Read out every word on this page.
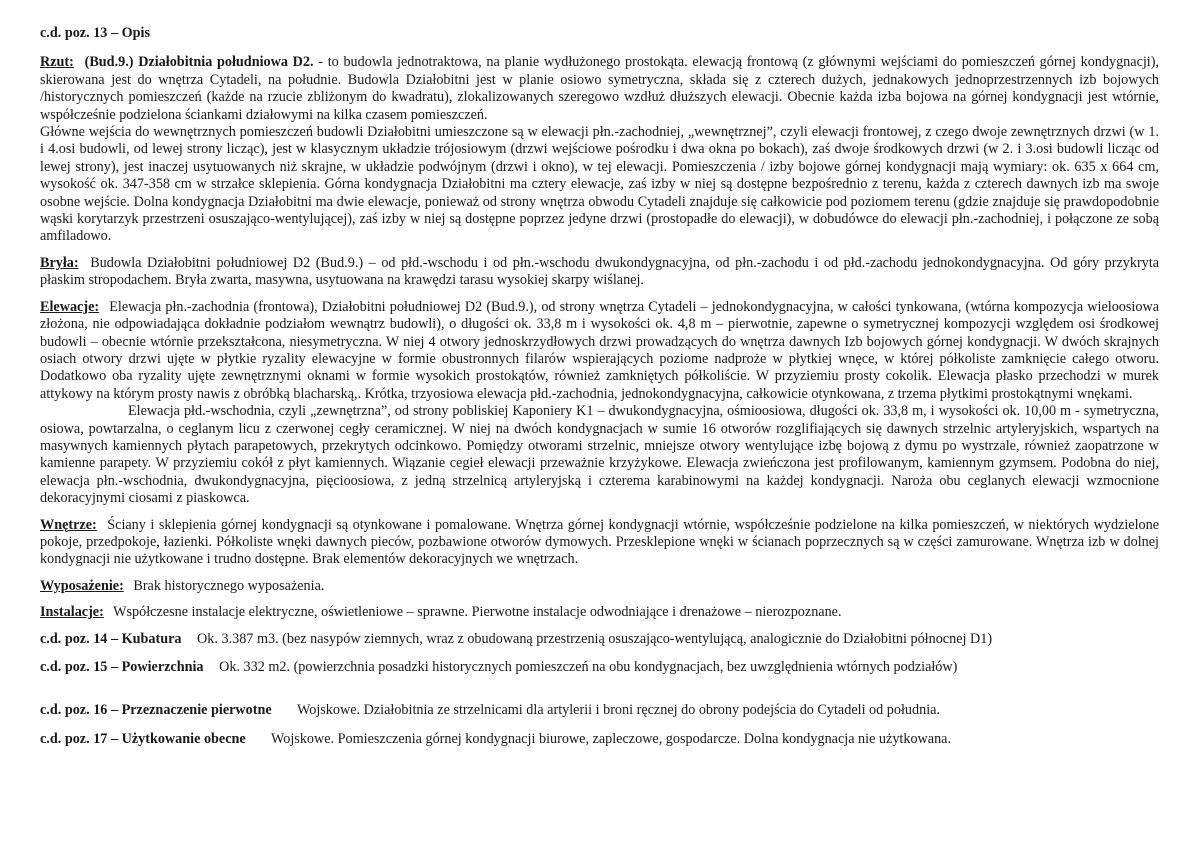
c.d. poz. 13 – Opis

Rzut: (Bud.9.) Działobitnia południowa D2. - to budowla jednotraktowa, na planie wydłużonego prostokąta. elewacją frontową (z głównymi wejściami do pomieszczeń górnej kondygnacji), skierowana jest do wnętrza Cytadeli, na południe. Budowla Działobitni jest w planie osiowo symetryczna, składa się z czterech dużych, jednakowych jednoprzestrzennych izb bojowych /historycznych pomieszczeń (każde na rzucie zbliżonym do kwadratu), zlokalizowanych szeregowo wzdłuż dłuższych elewacji. Obecnie każda izba bojowa na górnej kondygnacji jest wtórnie, współcześnie podzielona ściankami działowymi na kilka czasem pomieszczeń.

Główne wejścia do wewnętrznych pomieszczeń budowli Działobitni umieszczone są w elewacji płn.-zachodniej, „wewnętrznej”, czyli elewacji frontowej, z czego dwoje zewnętrznych drzwi (w 1. i 4.osi budowli, od lewej strony licząc), jest w klasycznym układzie trójosiowym (drzwi wejściowe pośrodku i dwa okna po bokach), zaś dwoje środkowych drzwi (w 2. i 3.osi budowli licząc od lewej strony), jest inaczej usytuowanych niż skrajne, w układzie podwójnym (drzwi i okno), w tej elewacji. Pomieszczenia / izby bojowe górnej kondygnacji mają wymiary: ok. 635 x 664 cm, wysokość ok. 347-358 cm w strzałce sklepienia. Górna kondygnacja Działobitni ma cztery elewacje, zaś izby w niej są dostępne bezpośrednio z terenu, każda z czterech dawnych izb ma swoje osobne wejście. Dolna kondygnacja Działobitni ma dwie elewacje, ponieważ od strony wnętrza obwodu Cytadeli znajduje się całkowicie pod poziomem terenu (gdzie znajduje się prawdopodobnie wąski korytarzyk przestrzeni osuszająco-wentylującej), zaś izby w niej są dostępne poprzez jedyne drzwi (prostopadłe do elewacji), w dobudówce do elewacji płn.-zachodniej, i połączone ze sobą amfiladowo.

Bryła: Budowla Działobitni południowej D2 (Bud.9.) – od płd.-wschodu i od płn.-wschodu dwukondygnacyjna, od płn.-zachodu i od płd.-zachodu jednokondygnacyjna. Od góry przykryta płaskim stropodachem. Bryła zwarta, masywna, usytuowana na krawędzi tarasu wysokiej skarpy wiślanej.

Elewacje: Elewacja płn.-zachodnia (frontowa), Działobitni południowej D2 (Bud.9.), od strony wnętrza Cytadeli – jednokondygnacyjna, w całości tynkowana, (wtórna kompozycja wieloosiowa złożona, nie odpowiadająca dokładnie podziałom wewnątrz budowli), o długości ok. 33,8 m i wysokości ok. 4,8 m – pierwotnie, zapewne o symetrycznej kompozycji względem osi środkowej budowli – obecnie wtórnie przekształcona, niesymetryczna. W niej 4 otwory jednoskrzydłowych drzwi prowadzących do wnętrza dawnych Izb bojowych górnej kondygnacji. W dwóch skrajnych osiach otwory drzwi ujęte w płytkie ryzality elewacyjne w formie obustronnych filarów wspierających poziome nadproże w płytkiej wnęce, w której półkoliste zamknięcie całego otworu. Dodatkowo oba ryzality ujęte zewnętrznymi oknami w formie wysokich prostokątów, również zamkniętych półkoliście. W przyziemiu prosty cokolik. Elewacja płasko przechodzi w murek attykowy na którym prosty nawis z obróbką blacharską,. Krótka, trzyosiowa elewacja płd.-zachodnia, jednokondygnacyjna, całkowicie otynkowana, z trzema płytkimi prostokątnymi wnękami.

Elewacja płd.-wschodnia, czyli „zewnętrzna”, od strony pobliskiej Kaponiery K1 – dwukondygnacyjna, ośmioosiowa, długości ok. 33,8 m, i wysokości ok. 10,00 m - symetryczna, osiowa, powtarzalna, o ceglanym licu z czerwonej cegły ceramicznej. W niej na dwóch kondygnacjach w sumie 16 otworów rozglifiających się dawnych strzelnic artyleryjskich, wspartych na masywnych kamiennych płytach parapetowych, przekrytych odcinkowo. Pomiędzy otworami strzelnic, mniejsze otwory wentylujące izbę bojową z dymu po wystrzale, również zaopatrzone w kamienne parapety. W przyziemiu cokół z płyt kamiennych. Wiązanie cegieł elewacji przeważnie krzyżykowe. Elewacja zwieńczona jest profilowanym, kamiennym gzymsem. Podobna do niej, elewacja płn.-wschodnia, dwukondygnacyjna, pięcioosiowa, z jedną strzelnicą artyleryjską i czterema karabinowymi na każdej kondygnacji. Naroża obu ceglanych elewacji wzmocnione dekoracyjnymi ciosami z piaskowca.

Wnętrze: Ściany i sklepienia górnej kondygnacji są otynkowane i pomalowane. Wnętrza górnej kondygnacji wtórnie, współcześnie podzielone na kilka pomieszczeń, w niektórych wydzielone pokoje, przedpokoje, łazienki. Półkoliste wnęki dawnych pieców, pozbawione otworów dymowych. Przesklepione wnęki w ścianach poprzecznych są w części zamurowane. Wnętrza izb w dolnej kondygnacji nie użytkowane i trudno dostępne. Brak elementów dekoracyjnych we wnętrzach.

Wyposażenie: Brak historycznego wyposażenia.

Instalacje: Współczesne instalacje elektryczne, oświetleniowe – sprawne. Pierwotne instalacje odwodniające i drenażowe – nierozpoznane.

c.d. poz. 14 – Kubatura Ok. 3.387 m3. (bez nasypów ziemnych, wraz z obudowaną przestrzenią osuszająco-wentylującą, analogicznie do Działobitni północnej D1)
c.d. poz. 15 – Powierzchnia Ok. 332 m2. (powierzchnia posadzki historycznych pomieszczeń na obu kondygnacjach, bez uwzględnienia wtórnych podziałów)
c.d. poz. 16 – Przeznaczenie pierwotne Wojskowe. Działobitnia ze strzelnicami dla artylerii i broni ręcznej do obrony podejścia do Cytadeli od południa.
c.d. poz. 17 – Użytkowanie obecne Wojskowe. Pomieszczenia górnej kondygnacji biurowe, zapleczowe, gospodarcze. Dolna kondygnacja nie użytkowana.
